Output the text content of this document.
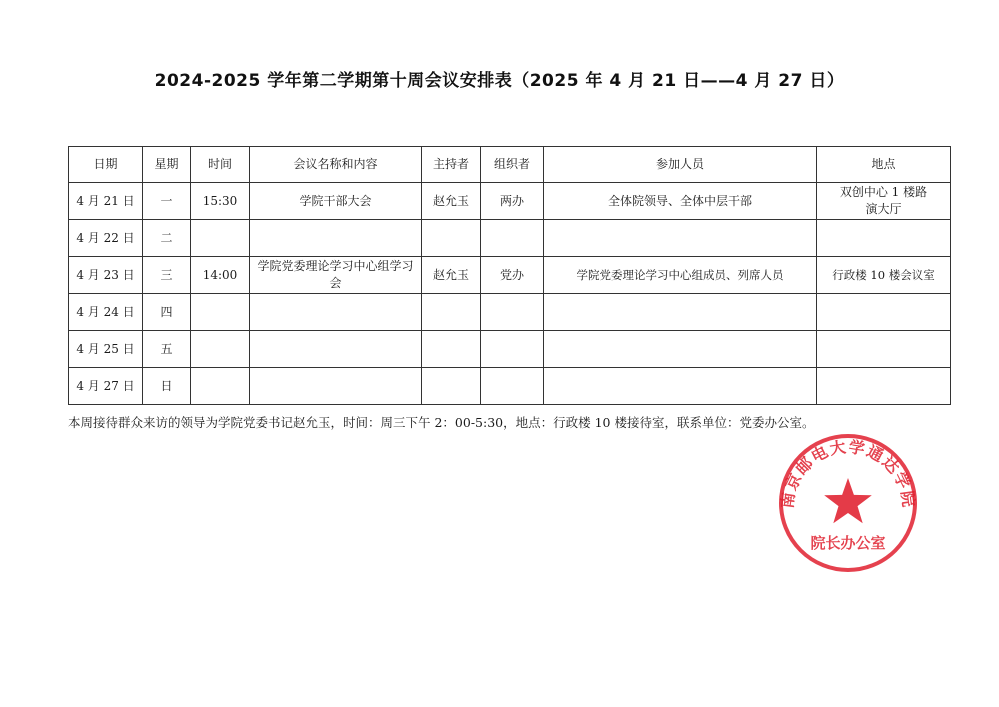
2024-2025 学年第二学期第十周会议安排表（2025 年 4 月 21 日——4 月 27 日）
日期	星期	时间	会议名称和内容	主持者	组织者	参加人员	地点
4 月 21 日	一	15:30	学院干部大会	赵允玉	两办	全体院领导、全体中层干部	双创中心 1 楼路演大厅
4 月 22 日	二						
4 月 23 日	三	14:00	学院党委理论学习中心组学习会	赵允玉	党办	学院党委理论学习中心组成员、列席人员	行政楼 10 楼会议室
4 月 24 日	四						
4 月 25 日	五						
4 月 27 日	日						
本周接待群众来访的领导为学院党委书记赵允玉，时间：周三下午 2：00-5:30，地点：行政楼 10 楼接待室，联系单位：党委办公室。
南京邮电大学通达学院
院长办公室
